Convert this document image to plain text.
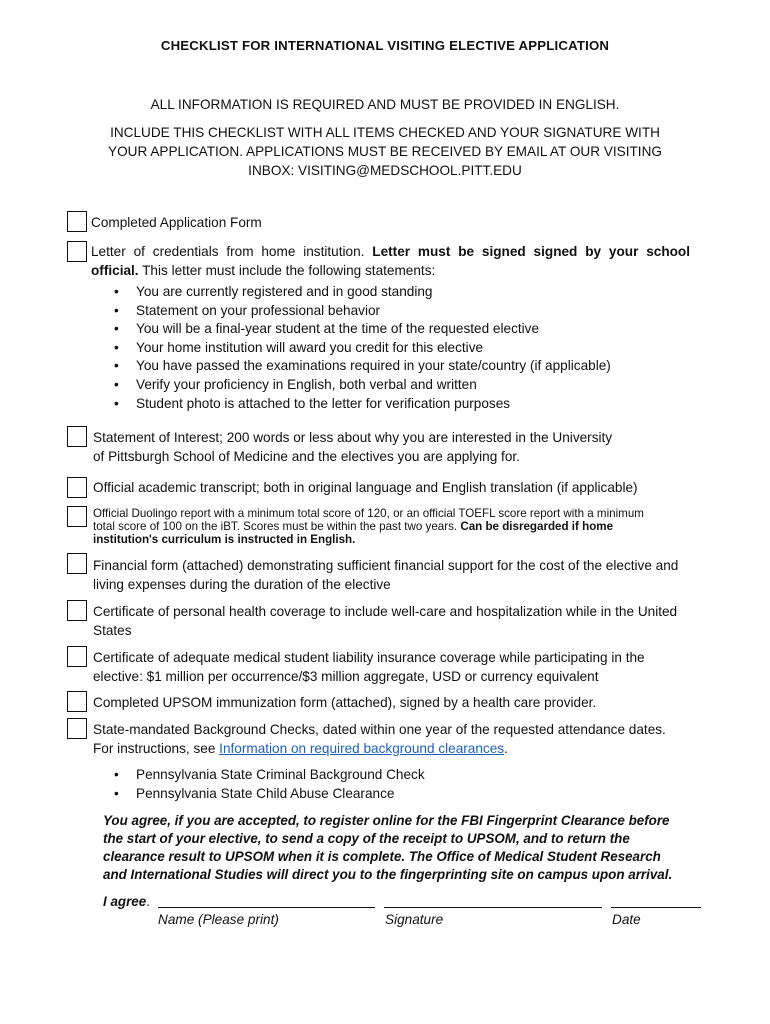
CHECKLIST FOR INTERNATIONAL VISITING ELECTIVE APPLICATION
ALL INFORMATION IS REQUIRED AND MUST BE PROVIDED IN ENGLISH.
INCLUDE THIS CHECKLIST WITH ALL ITEMS CHECKED AND YOUR SIGNATURE WITH
YOUR APPLICATION. APPLICATIONS MUST BE RECEIVED BY EMAIL AT OUR VISITING
INBOX: VISITING@MEDSCHOOL.PITT.EDU
Completed Application Form
Letter of credentials from home institution. Letter must be signed signed by your school
official. This letter must include the following statements:
• You are currently registered and in good standing
• Statement on your professional behavior
• You will be a final-year student at the time of the requested elective
• Your home institution will award you credit for this elective
• You have passed the examinations required in your state/country (if applicable)
• Verify your proficiency in English, both verbal and written
• Student photo is attached to the letter for verification purposes
Statement of Interest; 200 words or less about why you are interested in the University
of Pittsburgh School of Medicine and the electives you are applying for.
Official academic transcript; both in original language and English translation (if applicable)
Official Duolingo report with a minimum total score of 120, or an official TOEFL score report with a minimum
total score of 100 on the iBT. Scores must be within the past two years. Can be disregarded if home
institution's curriculum is instructed in English.
Financial form (attached) demonstrating sufficient financial support for the cost of the elective and
living expenses during the duration of the elective
Certificate of personal health coverage to include well-care and hospitalization while in the United
States
Certificate of adequate medical student liability insurance coverage while participating in the
elective: $1 million per occurrence/$3 million aggregate, USD or currency equivalent
Completed UPSOM immunization form (attached), signed by a health care provider.
State-mandated Background Checks, dated within one year of the requested attendance dates.
For instructions, see Information on required background clearances.
• Pennsylvania State Criminal Background Check
• Pennsylvania State Child Abuse Clearance
You agree, if you are accepted, to register online for the FBI Fingerprint Clearance before
the start of your elective, to send a copy of the receipt to UPSOM, and to return the
clearance result to UPSOM when it is complete. The Office of Medical Student Research
and International Studies will direct you to the fingerprinting site on campus upon arrival.
I agree.
Name (Please print)	Signature	Date
